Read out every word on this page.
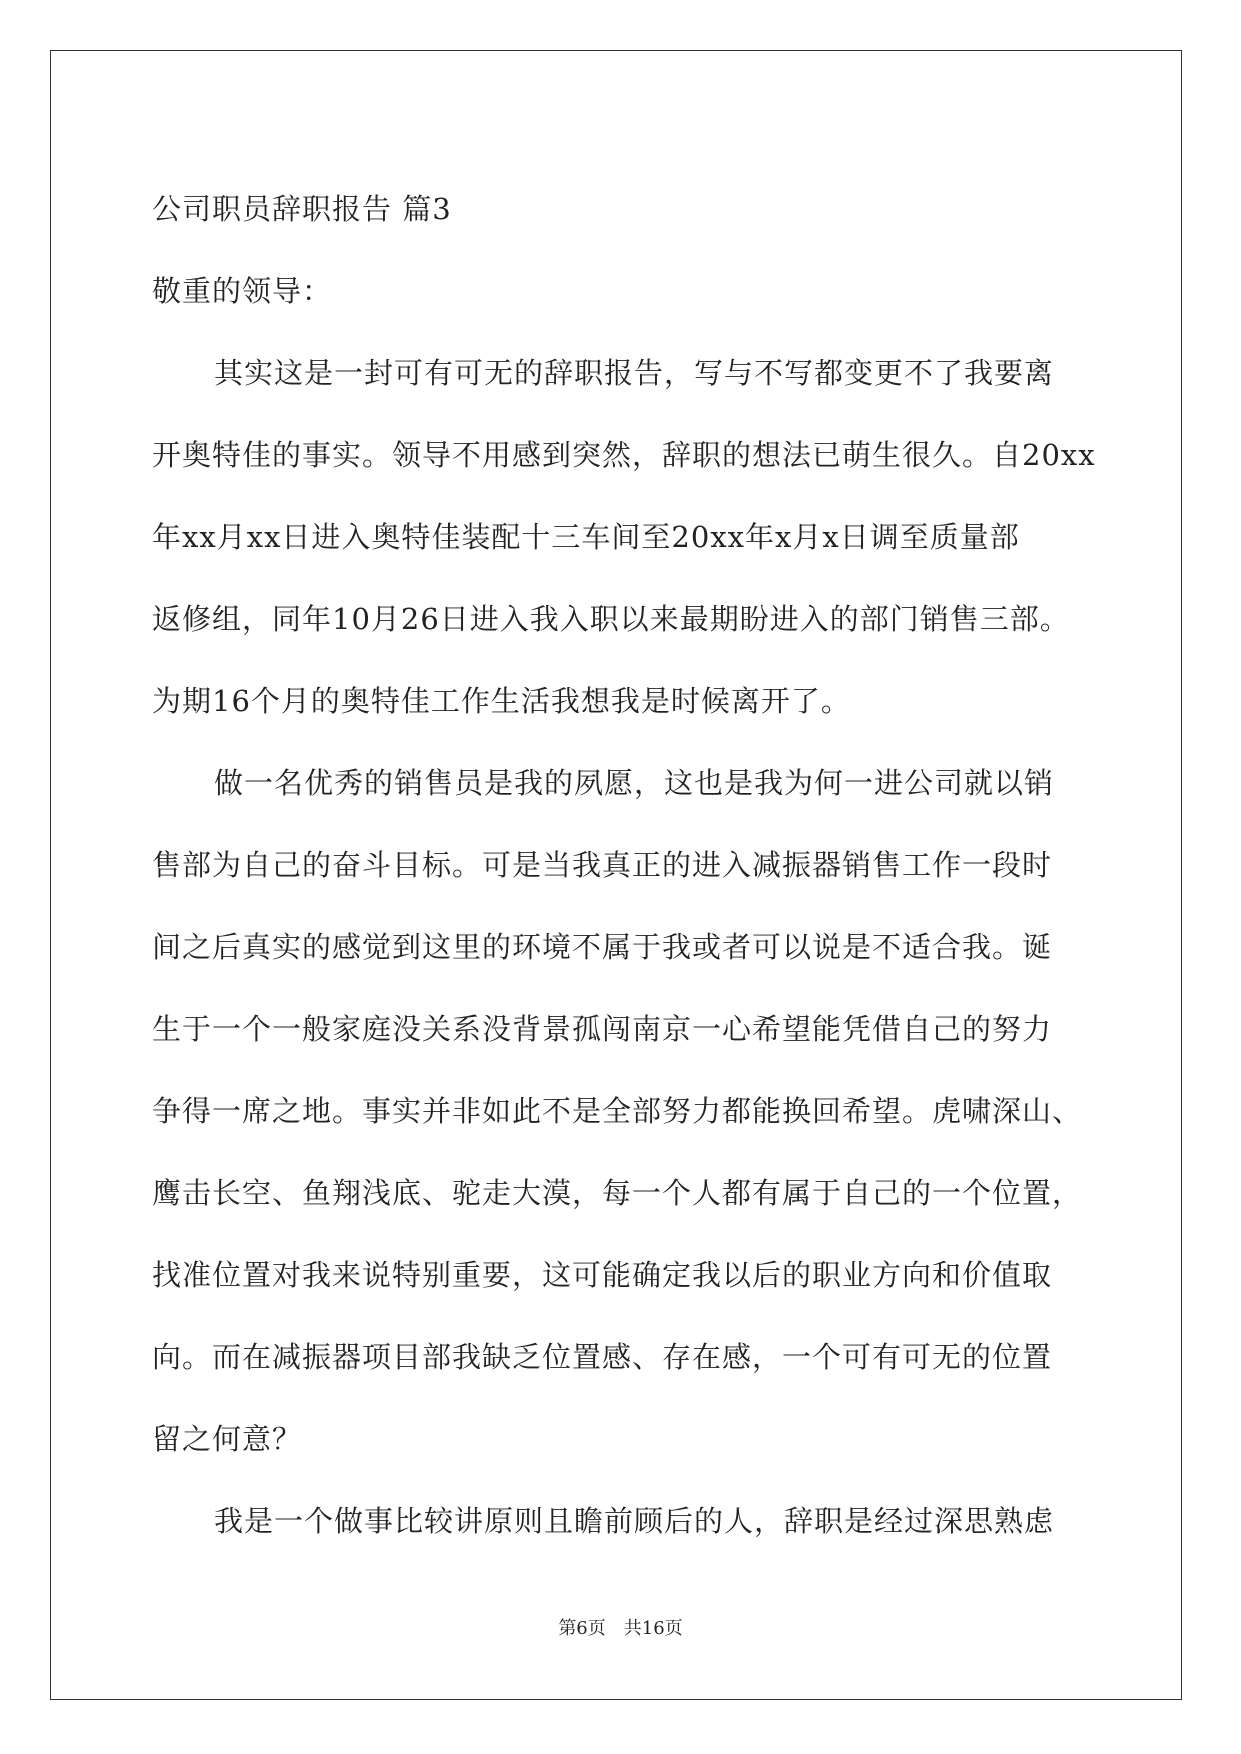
公司职员辞职报告 篇3
敬重的领导：
其实这是一封可有可无的辞职报告，写与不写都变更不了我要离
开奥特佳的事实。领导不用感到突然，辞职的想法已萌生很久。自20xx
年xx月xx日进入奥特佳装配十三车间至20xx年x月x日调至质量部
返修组，同年10月26日进入我入职以来最期盼进入的部门销售三部。
为期16个月的奥特佳工作生活我想我是时候离开了。
做一名优秀的销售员是我的夙愿，这也是我为何一进公司就以销
售部为自己的奋斗目标。可是当我真正的进入减振器销售工作一段时
间之后真实的感觉到这里的环境不属于我或者可以说是不适合我。诞
生于一个一般家庭没关系没背景孤闯南京一心希望能凭借自己的努力
争得一席之地。事实并非如此不是全部努力都能换回希望。虎啸深山、
鹰击长空、鱼翔浅底、驼走大漠，每一个人都有属于自己的一个位置，
找准位置对我来说特别重要，这可能确定我以后的职业方向和价值取
向。而在减振器项目部我缺乏位置感、存在感，一个可有可无的位置
留之何意？
我是一个做事比较讲原则且瞻前顾后的人，辞职是经过深思熟虑
第6页　共16页
